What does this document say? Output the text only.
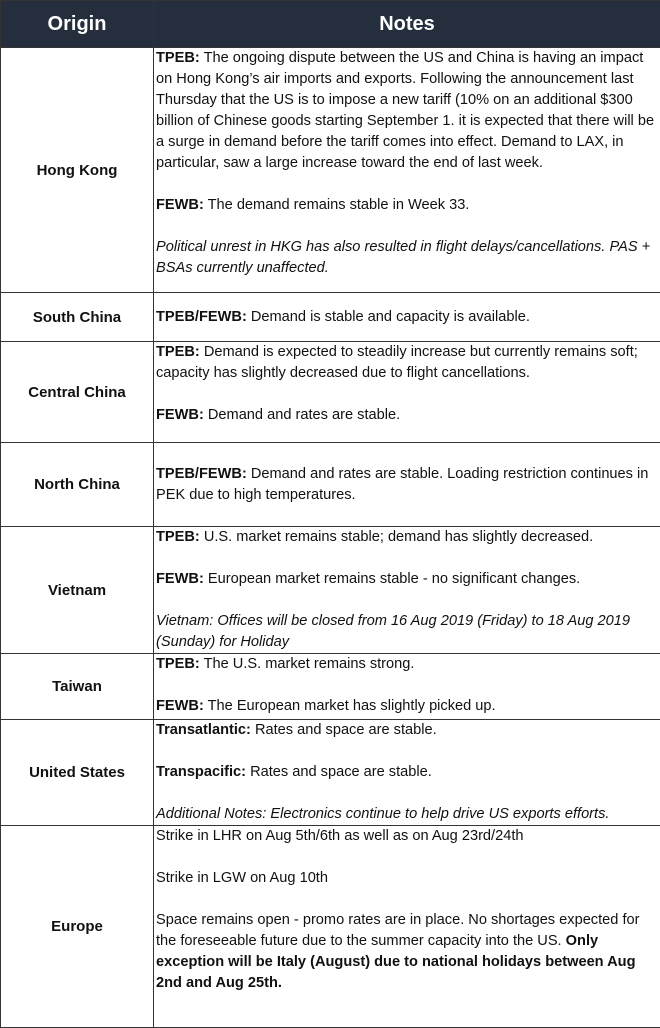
Origin	Notes
Hong Kong	TPEB: The ongoing dispute between the US and China is having an impact on Hong Kong’s air imports and exports. Following the announcement last Thursday that the US is to impose a new tariff (10% on an additional $300 billion of Chinese goods starting September 1. it is expected that there will be a surge in demand before the tariff comes into effect. Demand to LAX, in particular, saw a large increase toward the end of last week.

FEWB: The demand remains stable in Week 33.

Political unrest in HKG has also resulted in flight delays/cancellations. PAS + BSAs currently unaffected.

South China	TPEB/FEWB: Demand is stable and capacity is available.

Central China	TPEB: Demand is expected to steadily increase but currently remains soft; capacity has slightly decreased due to flight cancellations.

FEWB: Demand and rates are stable.

North China	TPEB/FEWB: Demand and rates are stable. Loading restriction continues in PEK due to high temperatures.

Vietnam	TPEB: U.S. market remains stable; demand has slightly decreased.

FEWB: European market remains stable - no significant changes.

Vietnam: Offices will be closed from 16 Aug 2019 (Friday) to 18 Aug 2019 (Sunday) for Holiday

Taiwan	TPEB: The U.S. market remains strong.

FEWB: The European market has slightly picked up.

United States	Transatlantic: Rates and space are stable.

Transpacific: Rates and space are stable.

Additional Notes: Electronics continue to help drive US exports efforts.

Europe	Strike in LHR on Aug 5th/6th as well as on Aug 23rd/24th

Strike in LGW on Aug 10th

Space remains open - promo rates are in place. No shortages expected for the foreseeable future due to the summer capacity into the US. Only exception will be Italy (August) due to national holidays between Aug 2nd and Aug 25th.
